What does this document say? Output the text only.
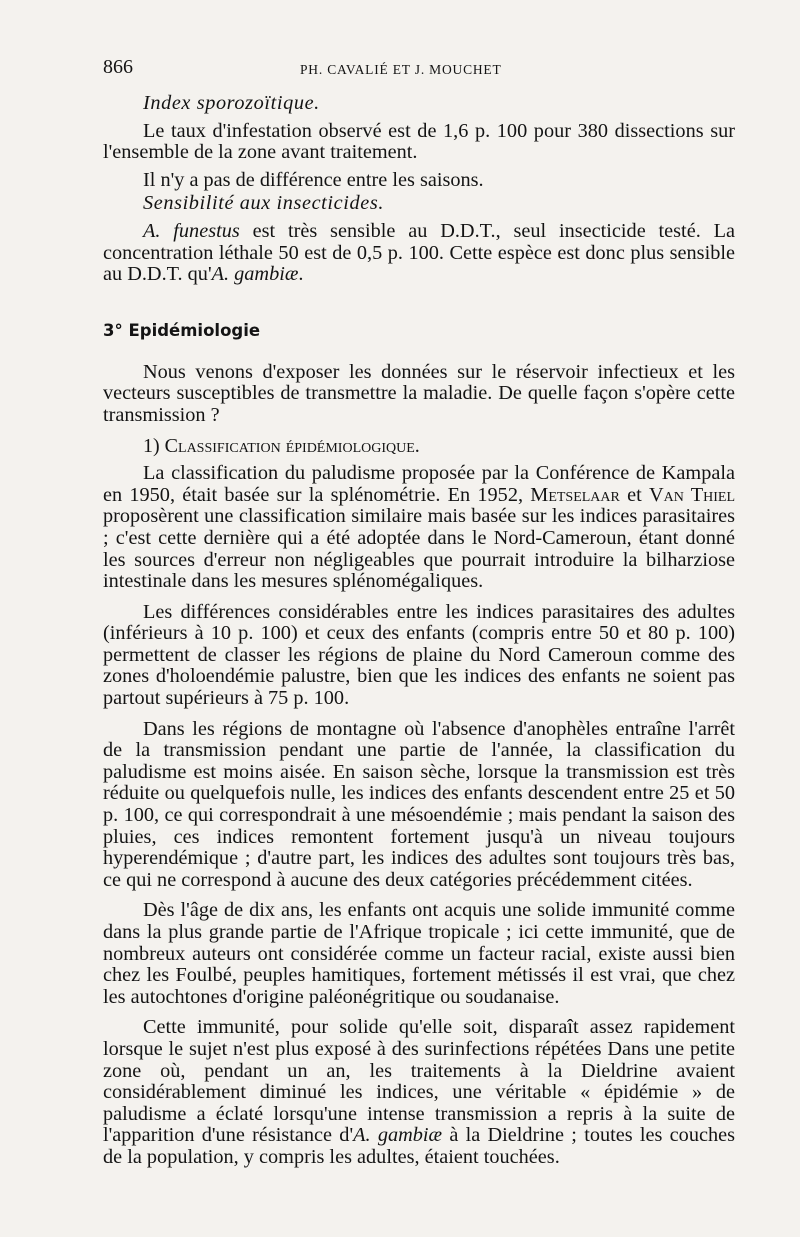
866	PH. CAVALIÉ ET J. MOUCHET

Index sporozoïtique.

Le taux d'infestation observé est de 1,6 p. 100 pour 380 dissections sur l'ensemble de la zone avant traitement.

Il n'y a pas de différence entre les saisons.

Sensibilité aux insecticides.

A. funestus est très sensible au D.D.T., seul insecticide testé. La concentration léthale 50 est de 0,5 p. 100. Cette espèce est donc plus sensible au D.D.T. qu'A. gambiæ.

3° Epidémiologie

Nous venons d'exposer les données sur le réservoir infectieux et les vecteurs susceptibles de transmettre la maladie. De quelle façon s'opère cette transmission ?

1) Classification épidémiologique.

La classification du paludisme proposée par la Conférence de Kampala en 1950, était basée sur la splénométrie. En 1952, Metselaar et Van Thiel proposèrent une classification similaire mais basée sur les indices parasitaires ; c'est cette dernière qui a été adoptée dans le Nord-Cameroun, étant donné les sources d'erreur non négligeables que pourrait introduire la bilharziose intestinale dans les mesures splénomégaliques.

Les différences considérables entre les indices parasitaires des adultes (inférieurs à 10 p. 100) et ceux des enfants (compris entre 50 et 80 p. 100) permettent de classer les régions de plaine du Nord Cameroun comme des zones d'holoendémie palustre, bien que les indices des enfants ne soient pas partout supérieurs à 75 p. 100.

Dans les régions de montagne où l'absence d'anophèles entraîne l'arrêt de la transmission pendant une partie de l'année, la classification du paludisme est moins aisée. En saison sèche, lorsque la transmission est très réduite ou quelquefois nulle, les indices des enfants descendent entre 25 et 50 p. 100, ce qui correspondrait à une mésoendémie ; mais pendant la saison des pluies, ces indices remontent fortement jusqu'à un niveau toujours hyperendémique ; d'autre part, les indices des adultes sont toujours très bas, ce qui ne correspond à aucune des deux catégories précédemment citées.

Dès l'âge de dix ans, les enfants ont acquis une solide immunité comme dans la plus grande partie de l'Afrique tropicale ; ici cette immunité, que de nombreux auteurs ont considérée comme un facteur racial, existe aussi bien chez les Foulbé, peuples hamitiques, fortement métissés il est vrai, que chez les autochtones d'origine paléonégritique ou soudanaise.

Cette immunité, pour solide qu'elle soit, disparaît assez rapidement lorsque le sujet n'est plus exposé à des surinfections répétées Dans une petite zone où, pendant un an, les traitements à la Dieldrine avaient considérablement diminué les indices, une véritable « épidémie » de paludisme a éclaté lorsqu'une intense transmission a repris à la suite de l'apparition d'une résistance d'A. gambiæ à la Dieldrine ; toutes les couches de la population, y compris les adultes, étaient touchées.
